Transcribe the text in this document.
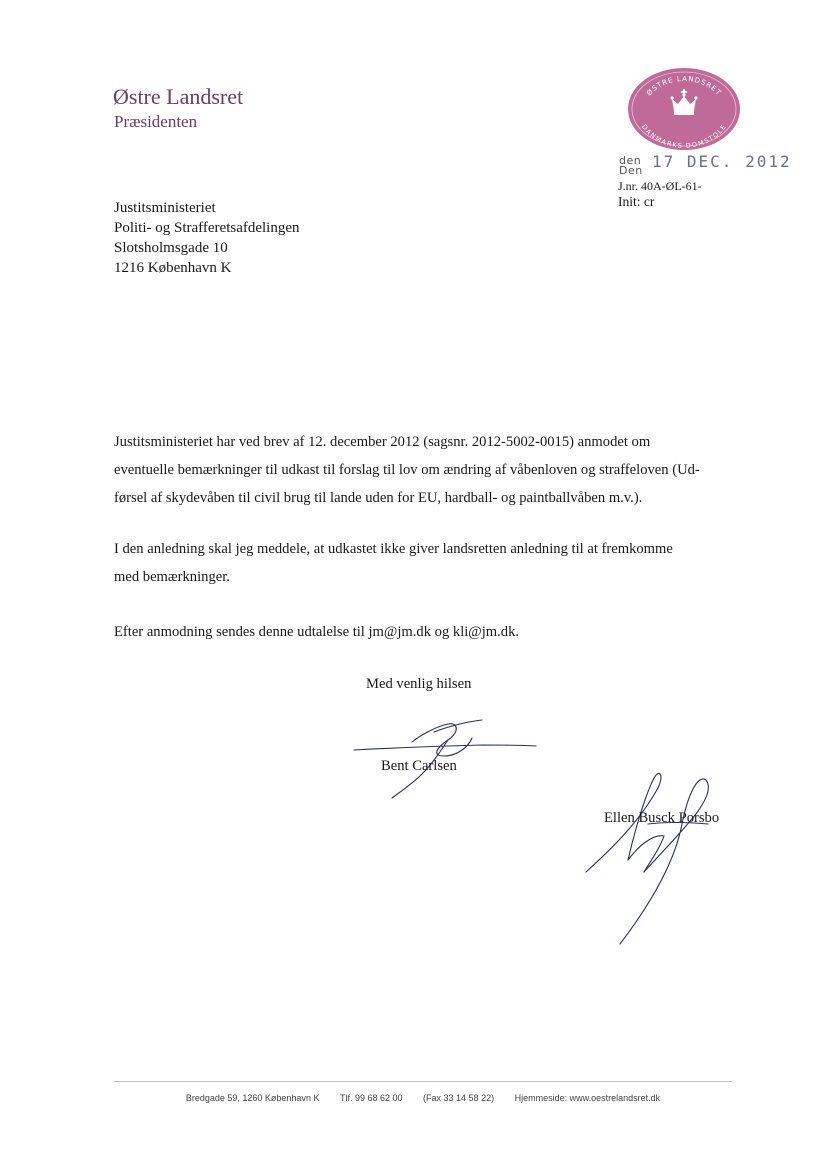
Østre Landsret
Præsidenten
ØSTRE LANDSRET
DANMARKS DOMSTOLE
den
Den 17 DEC. 2012
J.nr. 40A-ØL-61-
Init: cr
Justitsministeriet
Politi- og Strafferetsafdelingen
Slotsholmsgade 10
1216 København K

Justitsministeriet har ved brev af 12. december 2012 (sagsnr. 2012-5002-0015) anmodet om

eventuelle bemærkninger til udkast til forslag til lov om ændring af våbenloven og straffeloven (Ud-

førsel af skydevåben til civil brug til lande uden for EU, hardball- og paintballvåben m.v.).

I den anledning skal jeg meddele, at udkastet ikke giver landsretten anledning til at fremkomme

med bemærkninger.

Efter anmodning sendes denne udtalelse til jm@jm.dk og kli@jm.dk.

Med venlig hilsen
Bent Carlsen
Ellen Busck Porsbo
Bredgade 59, 1260 København K Tlf. 99 68 62 00 (Fax 33 14 58 22) Hjemmeside: www.oestrelandsret.dk
